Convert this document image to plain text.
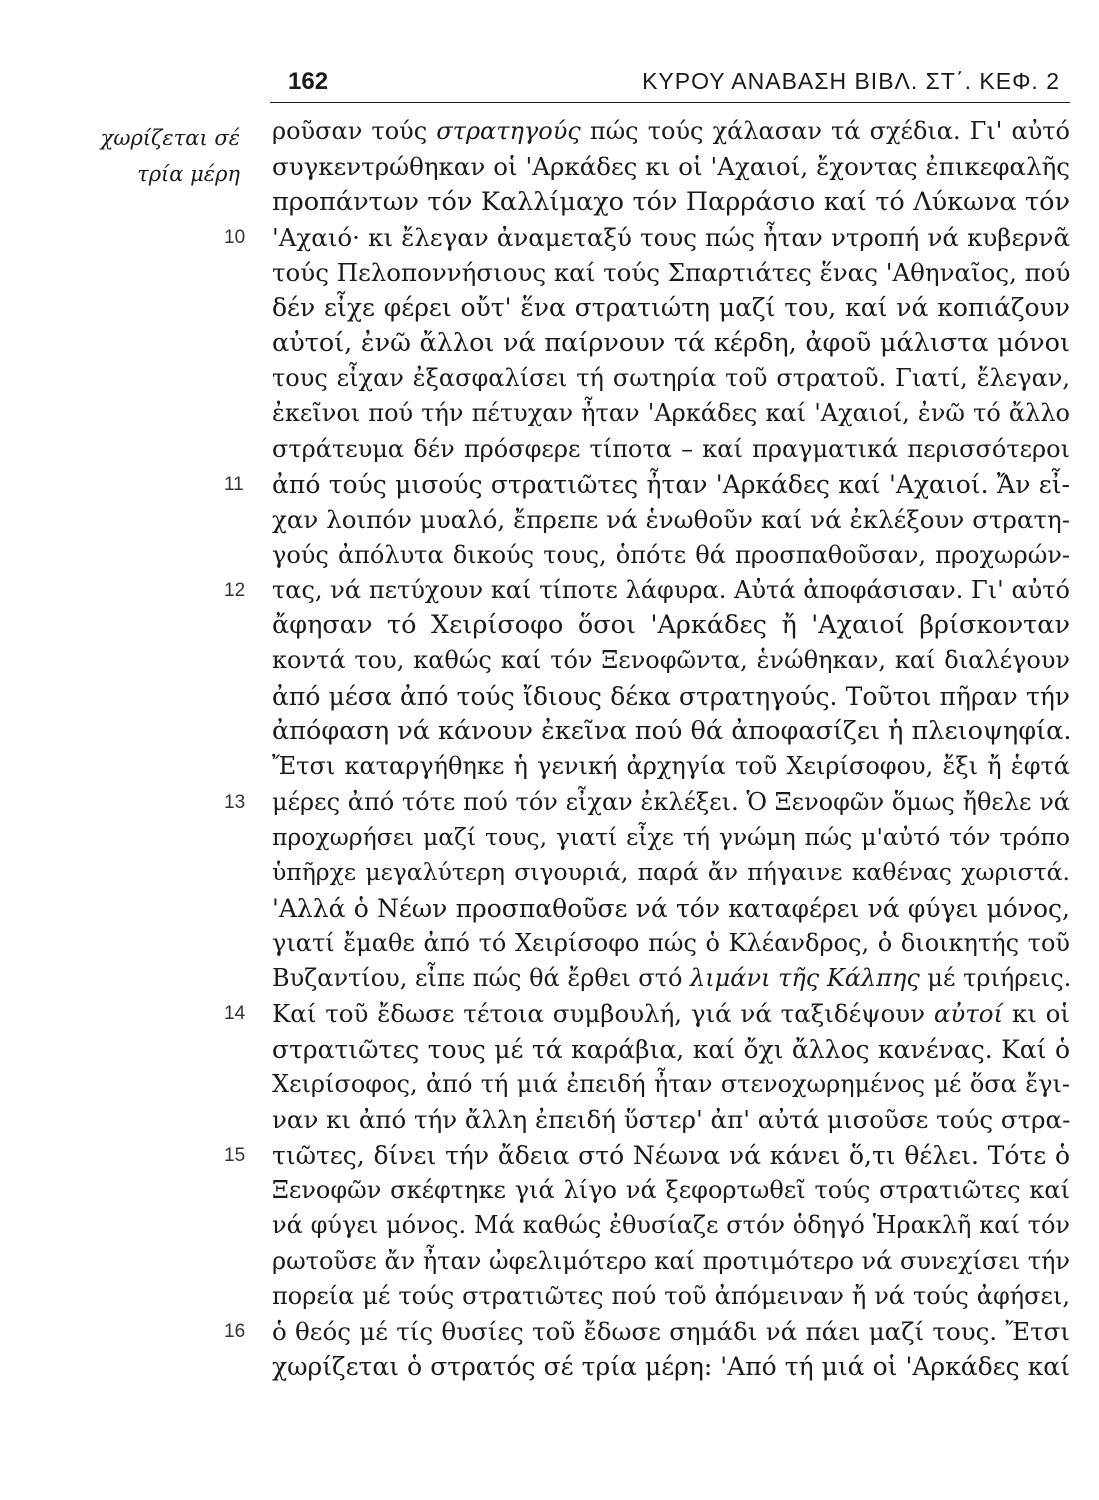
162	ΚΥΡΟΥ ΑΝΑΒΑΣΗ ΒΙΒΛ. ΣΤ΄. ΚΕΦ. 2
χωρίζεται σέ
τρία μέρη
ροῦσαν τούς στρατηγούς πώς τούς χάλασαν τά σχέδια. Γι' αὐτό
συγκεντρώθηκαν οἱ 'Αρκάδες κι οἱ 'Αχαιοί, ἔχοντας ἐπικεφαλῆς
προπάντων τόν Καλλίμαχο τόν Παρράσιο καί τό Λύκωνα τόν
10 'Αχαιό· κι ἔλεγαν ἀναμεταξύ τους πώς ἦταν ντροπή νά κυβερνᾶ
τούς Πελοποννήσιους καί τούς Σπαρτιάτες ἕνας 'Αθηναῖος, πού
δέν εἶχε φέρει οὔτ' ἕνα στρατιώτη μαζί του, καί νά κοπιάζουν
αὐτοί, ἐνῶ ἄλλοι νά παίρνουν τά κέρδη, ἀφοῦ μάλιστα μόνοι
τους εἶχαν ἐξασφαλίσει τή σωτηρία τοῦ στρατοῦ. Γιατί, ἔλεγαν,
ἐκεῖνοι πού τήν πέτυχαν ἦταν 'Αρκάδες καί 'Αχαιοί, ἐνῶ τό ἄλλο
στράτευμα δέν πρόσφερε τίποτα – καί πραγματικά περισσότεροι
11 ἀπό τούς μισούς στρατιῶτες ἦταν 'Αρκάδες καί 'Αχαιοί. Ἄν εἶ-
χαν λοιπόν μυαλό, ἔπρεπε νά ἑνωθοῦν καί νά ἐκλέξουν στρατη-
γούς ἀπόλυτα δικούς τους, ὁπότε θά προσπαθοῦσαν, προχωρών-
12 τας, νά πετύχουν καί τίποτε λάφυρα. Αὐτά ἀποφάσισαν. Γι' αὐτό
ἄφησαν τό Χειρίσοφο ὅσοι 'Αρκάδες ἤ 'Αχαιοί βρίσκονταν
κοντά του, καθώς καί τόν Ξενοφῶντα, ἑνώθηκαν, καί διαλέγουν
ἀπό μέσα ἀπό τούς ἴδιους δέκα στρατηγούς. Τοῦτοι πῆραν τήν
ἀπόφαση νά κάνουν ἐκεῖνα πού θά ἀποφασίζει ἡ πλειοψηφία.
Ἔτσι καταργήθηκε ἡ γενική ἀρχηγία τοῦ Χειρίσοφου, ἔξι ἤ ἑφτά
13 μέρες ἀπό τότε πού τόν εἶχαν ἐκλέξει. Ὁ Ξενοφῶν ὅμως ἤθελε νά
προχωρήσει μαζί τους, γιατί εἶχε τή γνώμη πώς μ'αὐτό τόν τρόπο
ὑπῆρχε μεγαλύτερη σιγουριά, παρά ἄν πήγαινε καθένας χωριστά.
'Αλλά ὁ Νέων προσπαθοῦσε νά τόν καταφέρει νά φύγει μόνος,
γιατί ἔμαθε ἀπό τό Χειρίσοφο πώς ὁ Κλέανδρος, ὁ διοικητής τοῦ
Βυζαντίου, εἶπε πώς θά ἔρθει στό λιμάνι τῆς Κάλπης μέ τριήρεις.
14 Καί τοῦ ἔδωσε τέτοια συμβουλή, γιά νά ταξιδέψουν αὐτοί κι οἱ
στρατιῶτες τους μέ τά καράβια, καί ὄχι ἄλλος κανένας. Καί ὁ
Χειρίσοφος, ἀπό τή μιά ἐπειδή ἦταν στενοχωρημένος μέ ὅσα ἔγι-
ναν κι ἀπό τήν ἄλλη ἐπειδή ὕστερ' ἀπ' αὐτά μισοῦσε τούς στρα-
15 τιῶτες, δίνει τήν ἄδεια στό Νέωνα νά κάνει ὅ,τι θέλει. Τότε ὁ
Ξενοφῶν σκέφτηκε γιά λίγο νά ξεφορτωθεῖ τούς στρατιῶτες καί
νά φύγει μόνος. Μά καθώς ἐθυσίαζε στόν ὁδηγό Ἡρακλῆ καί τόν
ρωτοῦσε ἄν ἦταν ὠφελιμότερο καί προτιμότερο νά συνεχίσει τήν
πορεία μέ τούς στρατιῶτες πού τοῦ ἀπόμειναν ἤ νά τούς ἀφήσει,
16 ὁ θεός μέ τίς θυσίες τοῦ ἔδωσε σημάδι νά πάει μαζί τους. Ἔτσι
χωρίζεται ὁ στρατός σέ τρία μέρη: 'Από τή μιά οἱ 'Αρκάδες καί
